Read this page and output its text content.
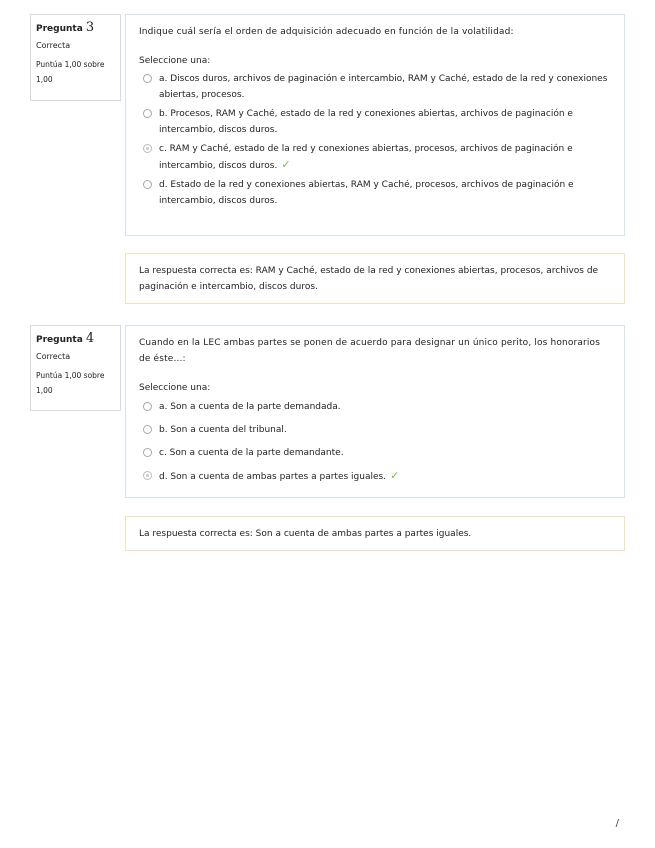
Pregunta 3
Correcta
Puntúa 1,00 sobre 1,00
Indique cuál sería el orden de adquisición adecuado en función de la volatilidad:
Seleccione una:
a. Discos duros, archivos de paginación e intercambio, RAM y Caché, estado de la red y conexiones abiertas, procesos.
b. Procesos, RAM y Caché, estado de la red y conexiones abiertas, archivos de paginación e intercambio, discos duros.
c. RAM y Caché, estado de la red y conexiones abiertas, procesos, archivos de paginación e intercambio, discos duros. ✓
d. Estado de la red y conexiones abiertas, RAM y Caché, procesos, archivos de paginación e intercambio, discos duros.
La respuesta correcta es: RAM y Caché, estado de la red y conexiones abiertas, procesos, archivos de paginación e intercambio, discos duros.
Pregunta 4
Correcta
Puntúa 1,00 sobre 1,00
Cuando en la LEC ambas partes se ponen de acuerdo para designar un único perito, los honorarios de éste...:
Seleccione una:
a. Son a cuenta de la parte demandada.
b. Son a cuenta del tribunal.
c. Son a cuenta de la parte demandante.
d. Son a cuenta de ambas partes a partes iguales. ✓
La respuesta correcta es: Son a cuenta de ambas partes a partes iguales.
/
